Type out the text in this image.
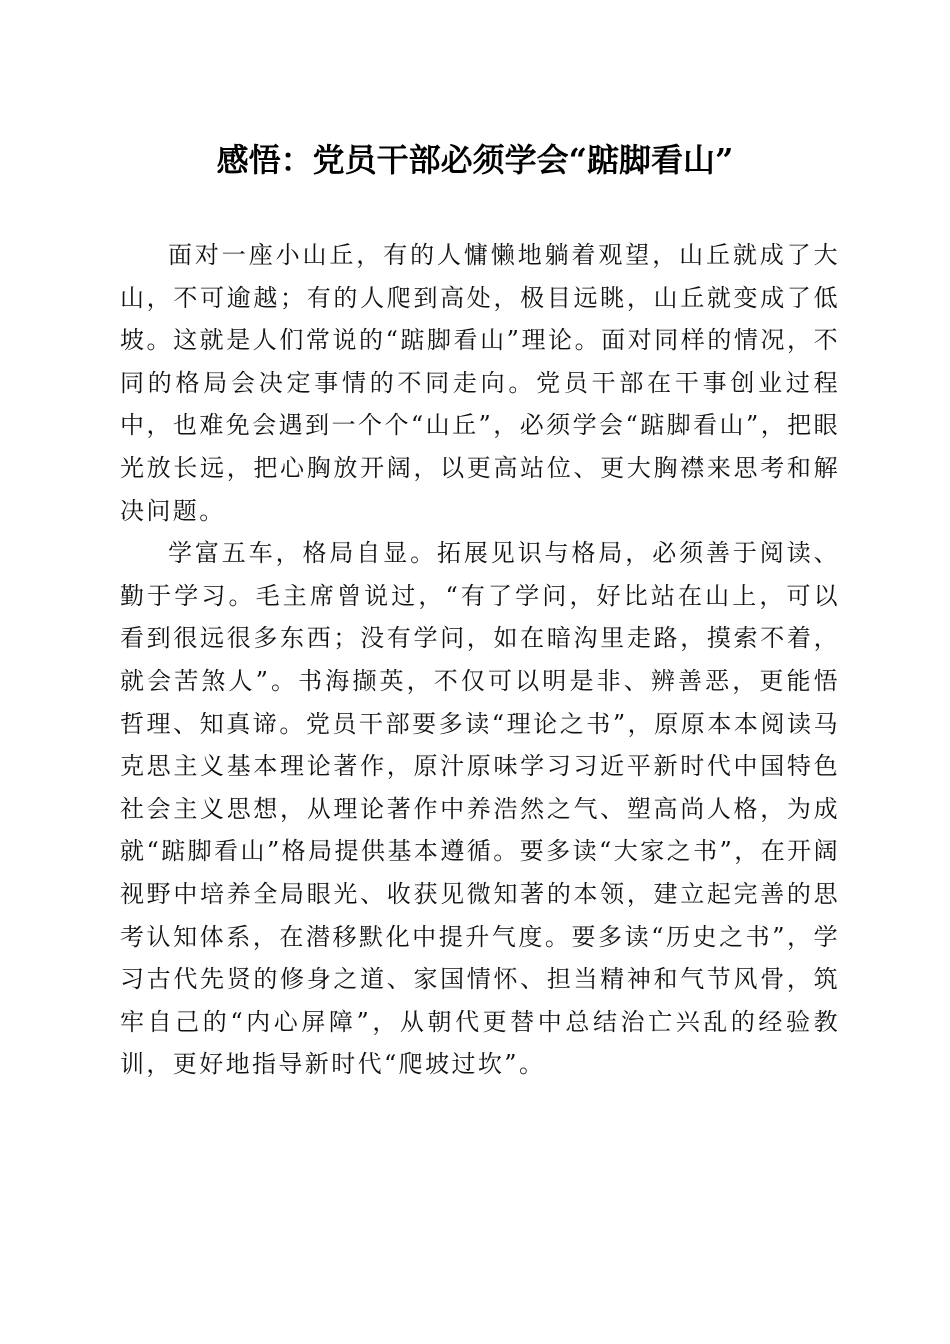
感悟：党员干部必须学会“踮脚看山”

面对一座小山丘，有的人慵懒地躺着观望，山丘就成了大山，不可逾越；有的人爬到高处，极目远眺，山丘就变成了低坡。这就是人们常说的“踮脚看山”理论。面对同样的情况，不同的格局会决定事情的不同走向。党员干部在干事创业过程中，也难免会遇到一个个“山丘”，必须学会“踮脚看山”，把眼光放长远，把心胸放开阔，以更高站位、更大胸襟来思考和解决问题。

学富五车，格局自显。拓展见识与格局，必须善于阅读、勤于学习。毛主席曾说过，“有了学问，好比站在山上，可以看到很远很多东西；没有学问，如在暗沟里走路，摸索不着，就会苦煞人”。书海撷英，不仅可以明是非、辨善恶，更能悟哲理、知真谛。党员干部要多读“理论之书”，原原本本阅读马克思主义基本理论著作，原汁原味学习习近平新时代中国特色社会主义思想，从理论著作中养浩然之气、塑高尚人格，为成就“踮脚看山”格局提供基本遵循。要多读“大家之书”，在开阔视野中培养全局眼光、收获见微知著的本领，建立起完善的思考认知体系，在潜移默化中提升气度。要多读“历史之书”，学习古代先贤的修身之道、家国情怀、担当精神和气节风骨，筑牢自己的“内心屏障”，从朝代更替中总结治亡兴乱的经验教训，更好地指导新时代“爬坡过坎”。
